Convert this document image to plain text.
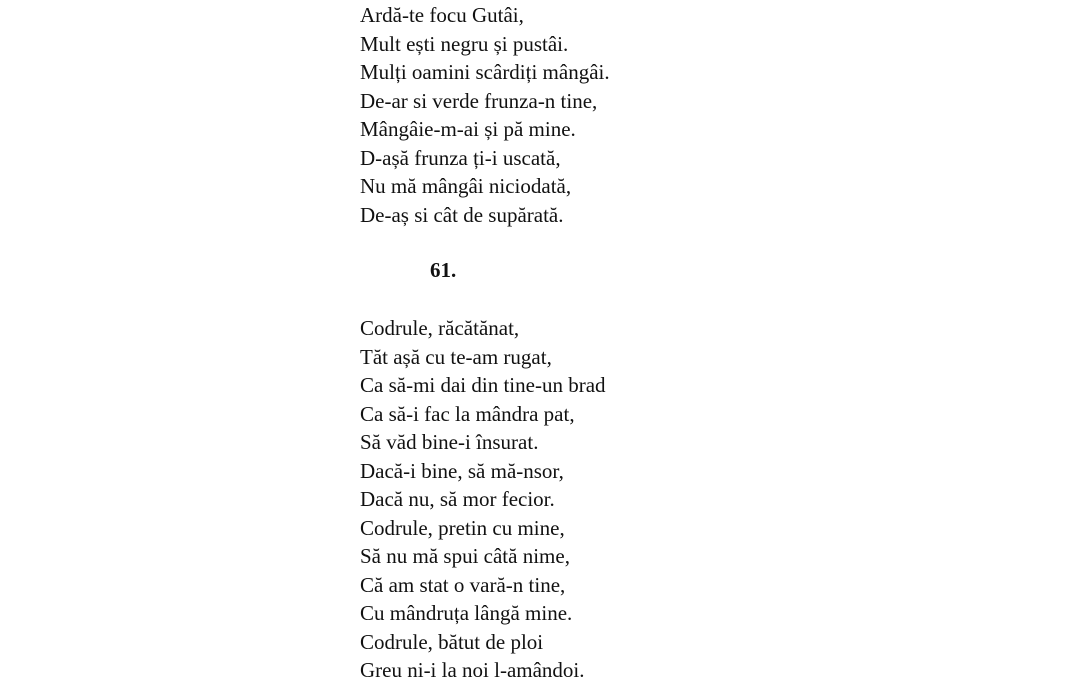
Ardă-te focu Gutâi,
Mult ești negru și pustâi.
Mulți oamini scârdiți mângâi.
De-ar si verde frunza-n tine,
Mângâie-m-ai și pă mine.
D-așă frunza ți-i uscată,
Nu mă mângâi niciodată,
De-aș si cât de supărată.
61.
Codrule, răcătănat,
Tăt așă cu te-am rugat,
Ca să-mi dai din tine-un brad
Ca să-i fac la mândra pat,
Să văd bine-i însurat.
Dacă-i bine, să mă-nsor,
Dacă nu, să mor fecior.
Codrule, pretin cu mine,
Să nu mă spui câtă nime,
Că am stat o vară-n tine,
Cu mândruța lângă mine.
Codrule, bătut de ploi
Greu ni-i la noi l-amândoi.
